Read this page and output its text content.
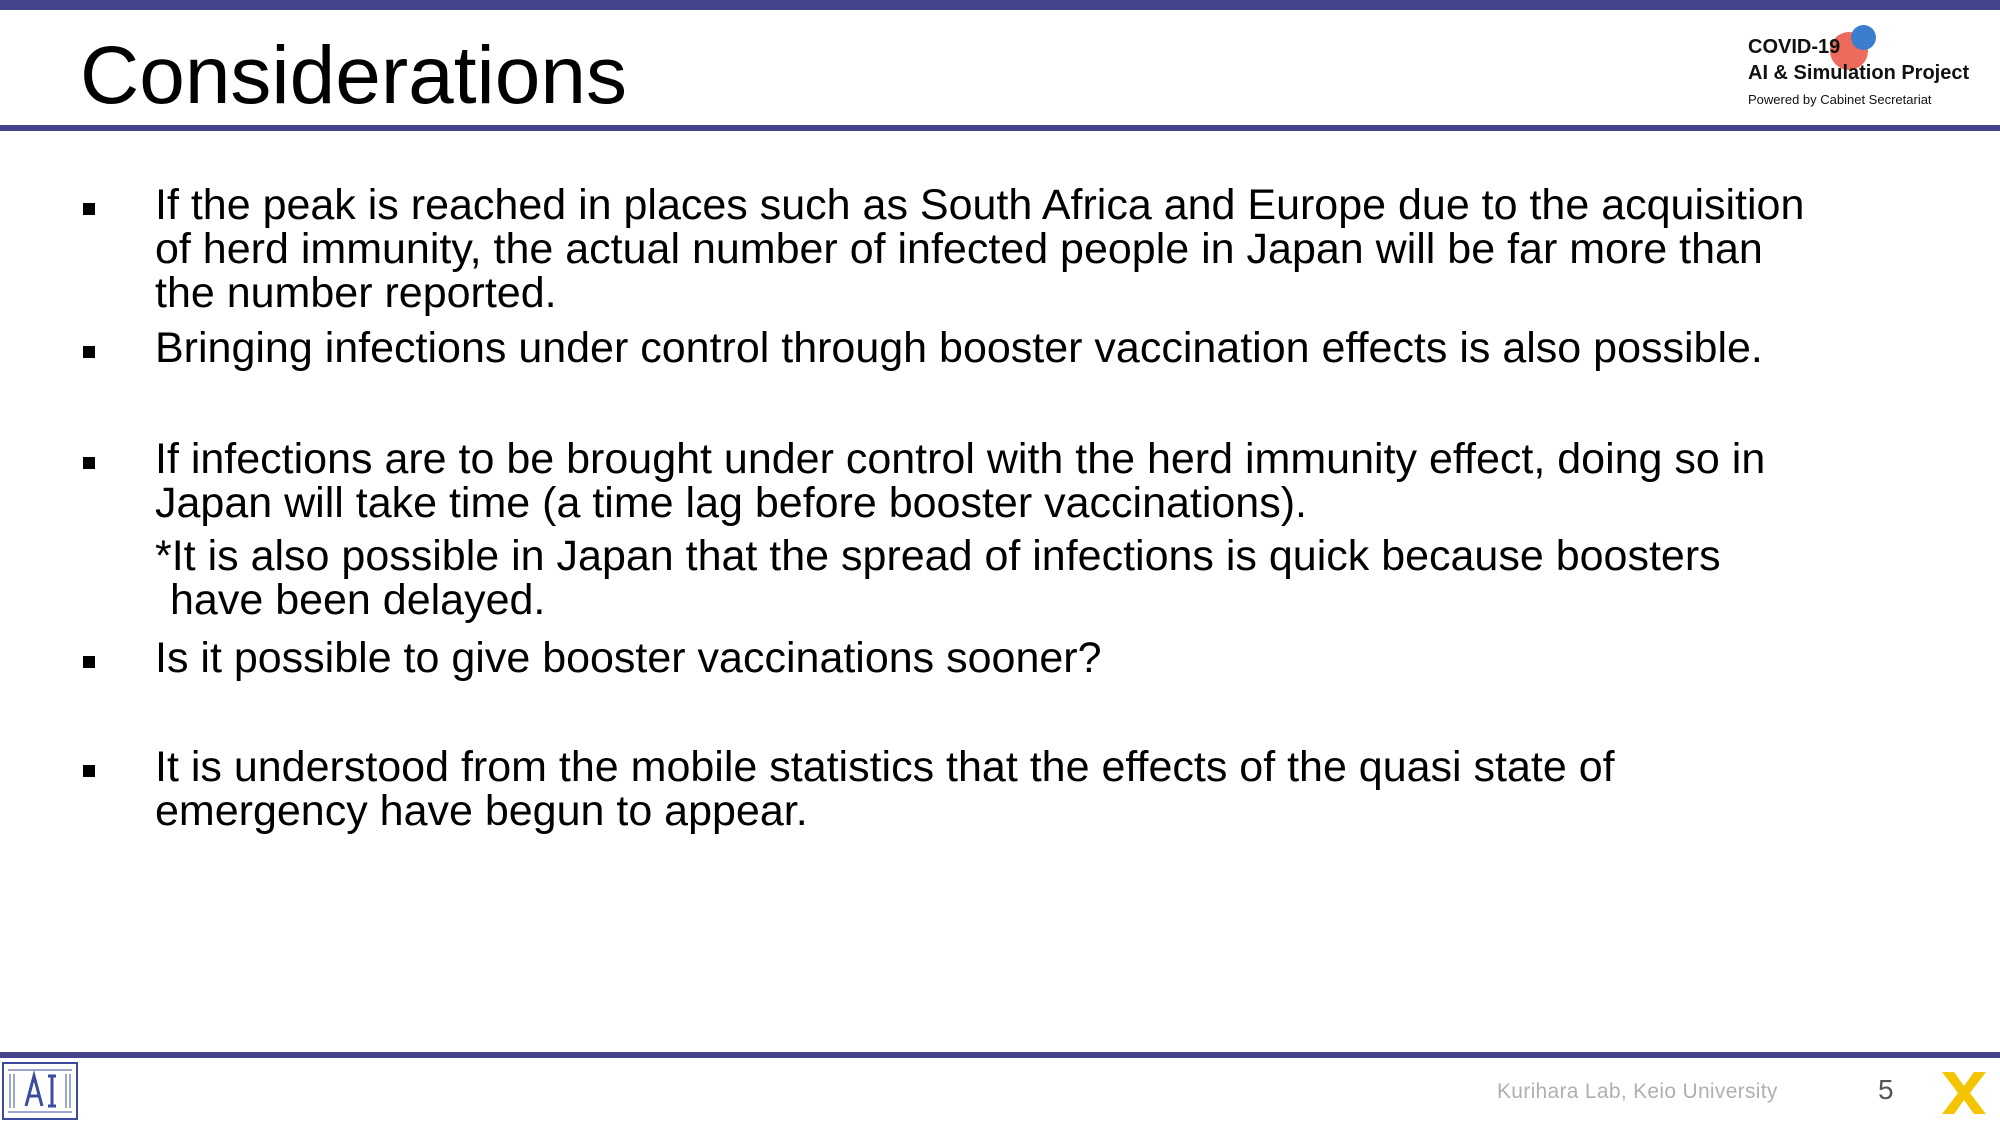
Considerations	COVID-19
AI & Simulation Project
Powered by Cabinet Secretariat
If the peak is reached in places such as South Africa and Europe due to the acquisition
of herd immunity, the actual number of infected people in Japan will be far more than
the number reported.
Bringing infections under control through booster vaccination effects is also possible.
If infections are to be brought under control with the herd immunity effect, doing so in
Japan will take time (a time lag before booster vaccinations).
*It is also possible in Japan that the spread of infections is quick because boosters
have been delayed.
Is it possible to give booster vaccinations sooner?
It is understood from the mobile statistics that the effects of the quasi state of
emergency have begun to appear.
Kurihara Lab, Keio University	5
